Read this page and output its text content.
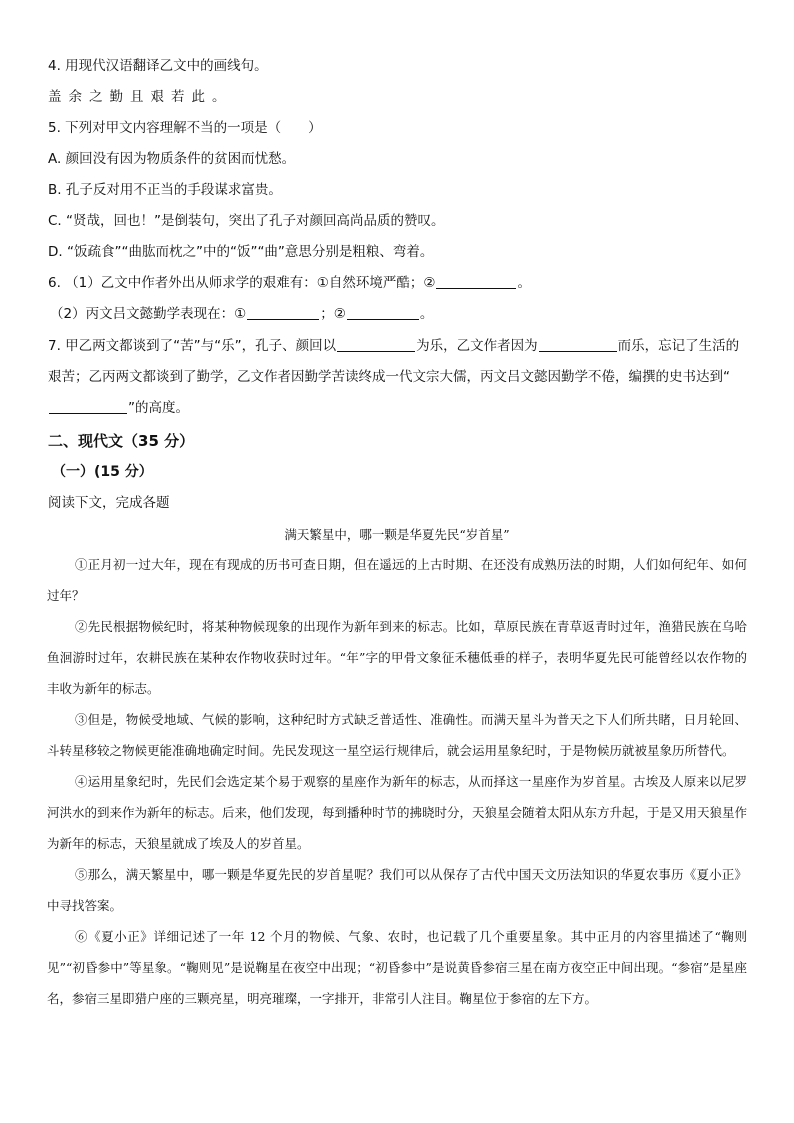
4. 用现代汉语翻译乙文中的画线句。
盖 余 之 勤 且 艰 若 此 。
5. 下列对甲文内容理解不当的一项是（　　）
A. 颜回没有因为物质条件的贫困而忧愁。
B. 孔子反对用不正当的手段谋求富贵。
C. “贤哉，回也！”是倒装句，突出了孔子对颜回高尚品质的赞叹。
D. “饭疏食”“曲肱而枕之”中的“饭”“曲”意思分别是粗粮、弯着。
6. （1）乙文中作者外出从师求学的艰难有：①自然环境严酷；②	。
（2）丙文吕文懿勤学表现在：①	；②	。
7. 甲乙两文都谈到了“苦”与“乐”，孔子、颜回以	为乐，乙文作者因为	而乐，忘记了生活的艰苦；乙丙两文都谈到了勤学，乙文作者因勤学苦读终成一代文宗大儒，丙文吕文懿因勤学不倦，编撰的史书达到“”的高度。
二、现代文（35 分）
（一）(15 分）
阅读下文，完成各题
满天繁星中，哪一颗是华夏先民“岁首星”

①正月初一过大年，现在有现成的历书可查日期，但在遥远的上古时期、在还没有成熟历法的时期，人们如何纪年、如何过年？

②先民根据物候纪时，将某种物候现象的出现作为新年到来的标志。比如，草原民族在青草返青时过年，渔猎民族在乌哈鱼洄游时过年，农耕民族在某种农作物收获时过年。“年”字的甲骨文象征禾穗低垂的样子，表明华夏先民可能曾经以农作物的丰收为新年的标志。

③但是，物候受地域、气候的影响，这种纪时方式缺乏普适性、准确性。而满天星斗为普天之下人们所共睹，日月轮回、斗转星移较之物候更能准确地确定时间。先民发现这一星空运行规律后，就会运用星象纪时，于是物候历就被星象历所替代。

④运用星象纪时，先民们会选定某个易于观察的星座作为新年的标志，从而择这一星座作为岁首星。古埃及人原来以尼罗河洪水的到来作为新年的标志。后来，他们发现，每到播种时节的拂晓时分，天狼星会随着太阳从东方升起，于是又用天狼星作为新年的标志，天狼星就成了埃及人的岁首星。

⑤那么，满天繁星中，哪一颗是华夏先民的岁首星呢？我们可以从保存了古代中国天文历法知识的华夏农事历《夏小正》中寻找答案。

⑥《夏小正》详细记述了一年 12 个月的物候、气象、农时，也记载了几个重要星象。其中正月的内容里描述了“鞠则见”“初昏参中”等星象。“鞠则见”是说鞠星在夜空中出现；“初昏参中”是说黄昏参宿三星在南方夜空正中间出现。“参宿”是星座名，参宿三星即猎户座的三颗亮星，明亮璀璨，一字排开，非常引人注目。鞠星位于参宿的左下方。
